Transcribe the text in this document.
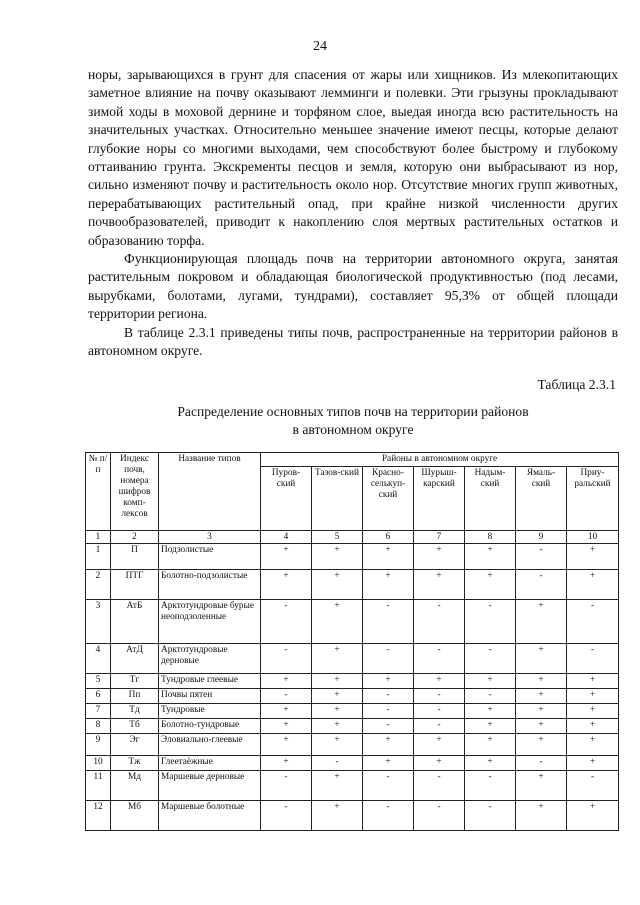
24

норы, зарывающихся в грунт для спасения от жары или хищников. Из млекопитающих заметное влияние на почву оказывают лемминги и полевки. Эти грызуны прокладывают зимой ходы в моховой дернине и торфяном слое, выедая иногда всю растительность на значительных участках. Относительно меньшее значение имеют песцы, которые делают глубокие норы со многими выходами, чем способствуют более быстрому и глубокому оттаиванию грунта. Экскременты песцов и земля, которую они выбрасывают из нор, сильно изменяют почву и растительность около нор. Отсутствие многих групп животных, перерабатывающих растительный опад, при крайне низкой численности других почвообразователей, приводит к накоплению слоя мертвых растительных остатков и образованию торфа.

Функционирующая площадь почв на территории автономного округа, занятая растительным покровом и обладающая биологической продуктивностью (под лесами, вырубками, болотами, лугами, тундрами), составляет 95,3% от общей площади территории региона.

В таблице 2.3.1 приведены типы почв, распространенные на территории районов в автономном округе.

Таблица 2.3.1
Распределение основных типов почв на территории районов
в автономном округе
№ п/п	Индекс почв, номера шифров комп-лексов	Название типов	Районы в автономном округе						
			Пуров-ский	Тазов-ский	Красно-селькуп-ский	Шурыш-карский	Надым-ский	Ямаль-ский	Приу-ральский
1	2	3	4	5	6	7	8	9	10
1	П	Подзолистые	+	+	+	+	+	-	+
2	ПТГ	Болотно-подзолистые	+	+	+	+	+	-	+
3	АтБ	Арктотундровые бурые неоподзоленные	-	+	-	-	-	+	-
4	АтД	Арктотундровые дерновые	-	+	-	-	-	+	-
5	Тг	Тундровые глеевые	+	+	+	+	+	+	+
6	Пп	Почвы пятен	-	+	-	-	-	+	+
7	Тд	Тундровые	+	+	-	-	+	+	+
8	Тб	Болотно-тундровые	+	+	-	-	+	+	+
9	Эг	Эловиально-глеевые	+	+	+	+	+	+	+
10	Тж	Глеетаёжные	+	-	+	+	+	-	+
11	Мд	Маршевые дерновые	-	+	-	-	-	+	-
12	Мб	Маршевые болотные	-	+	-	-	-	+	+
